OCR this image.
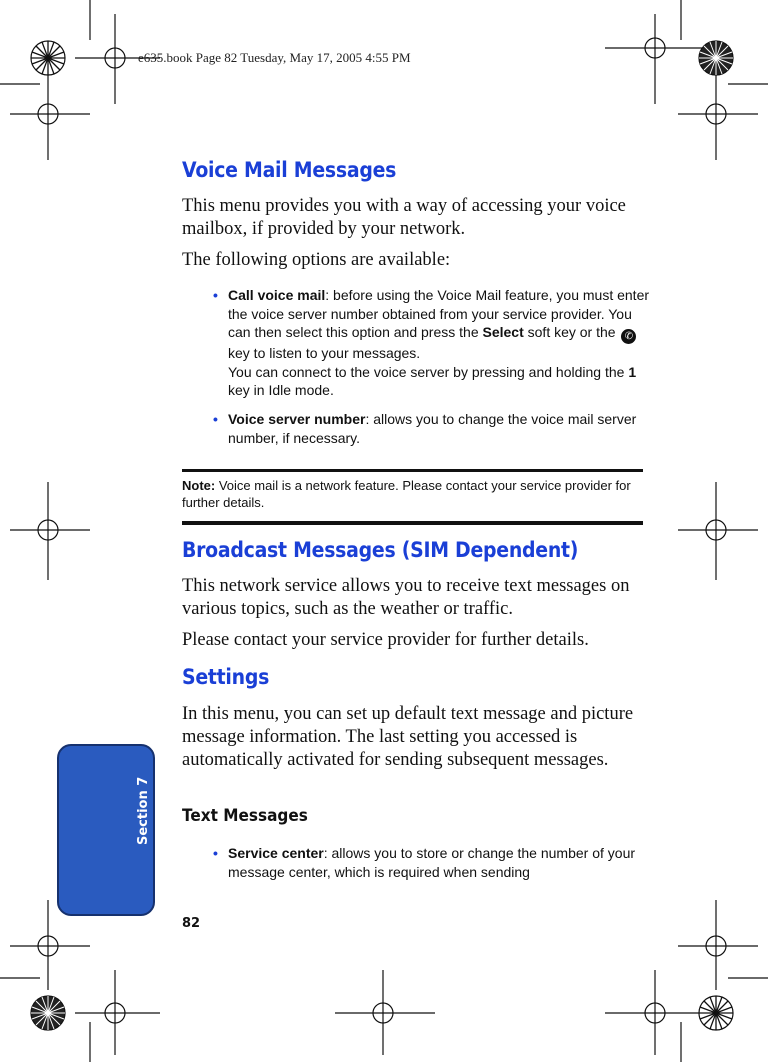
e635.book Page 82 Tuesday, May 17, 2005 4:55 PM
Voice Mail Messages

This menu provides you with a way of accessing your voice mailbox, if provided by your network.

The following options are available:

• Call voice mail: before using the Voice Mail feature, you must enter the voice server number obtained from your service provider. You can then select this option and press the Select soft key or the ✆ key to listen to your messages.
You can connect to the voice server by pressing and holding the 1 key in Idle mode.
• Voice server number: allows you to change the voice mail server number, if necessary.
Note: Voice mail is a network feature. Please contact your service provider for further details.
Broadcast Messages (SIM Dependent)

This network service allows you to receive text messages on various topics, such as the weather or traffic.

Please contact your service provider for further details.

Settings

In this menu, you can set up default text message and picture message information. The last setting you accessed is automatically activated for sending subsequent messages.

Text Messages
• Service center: allows you to store or change the number of your message center, which is required when sending
82
